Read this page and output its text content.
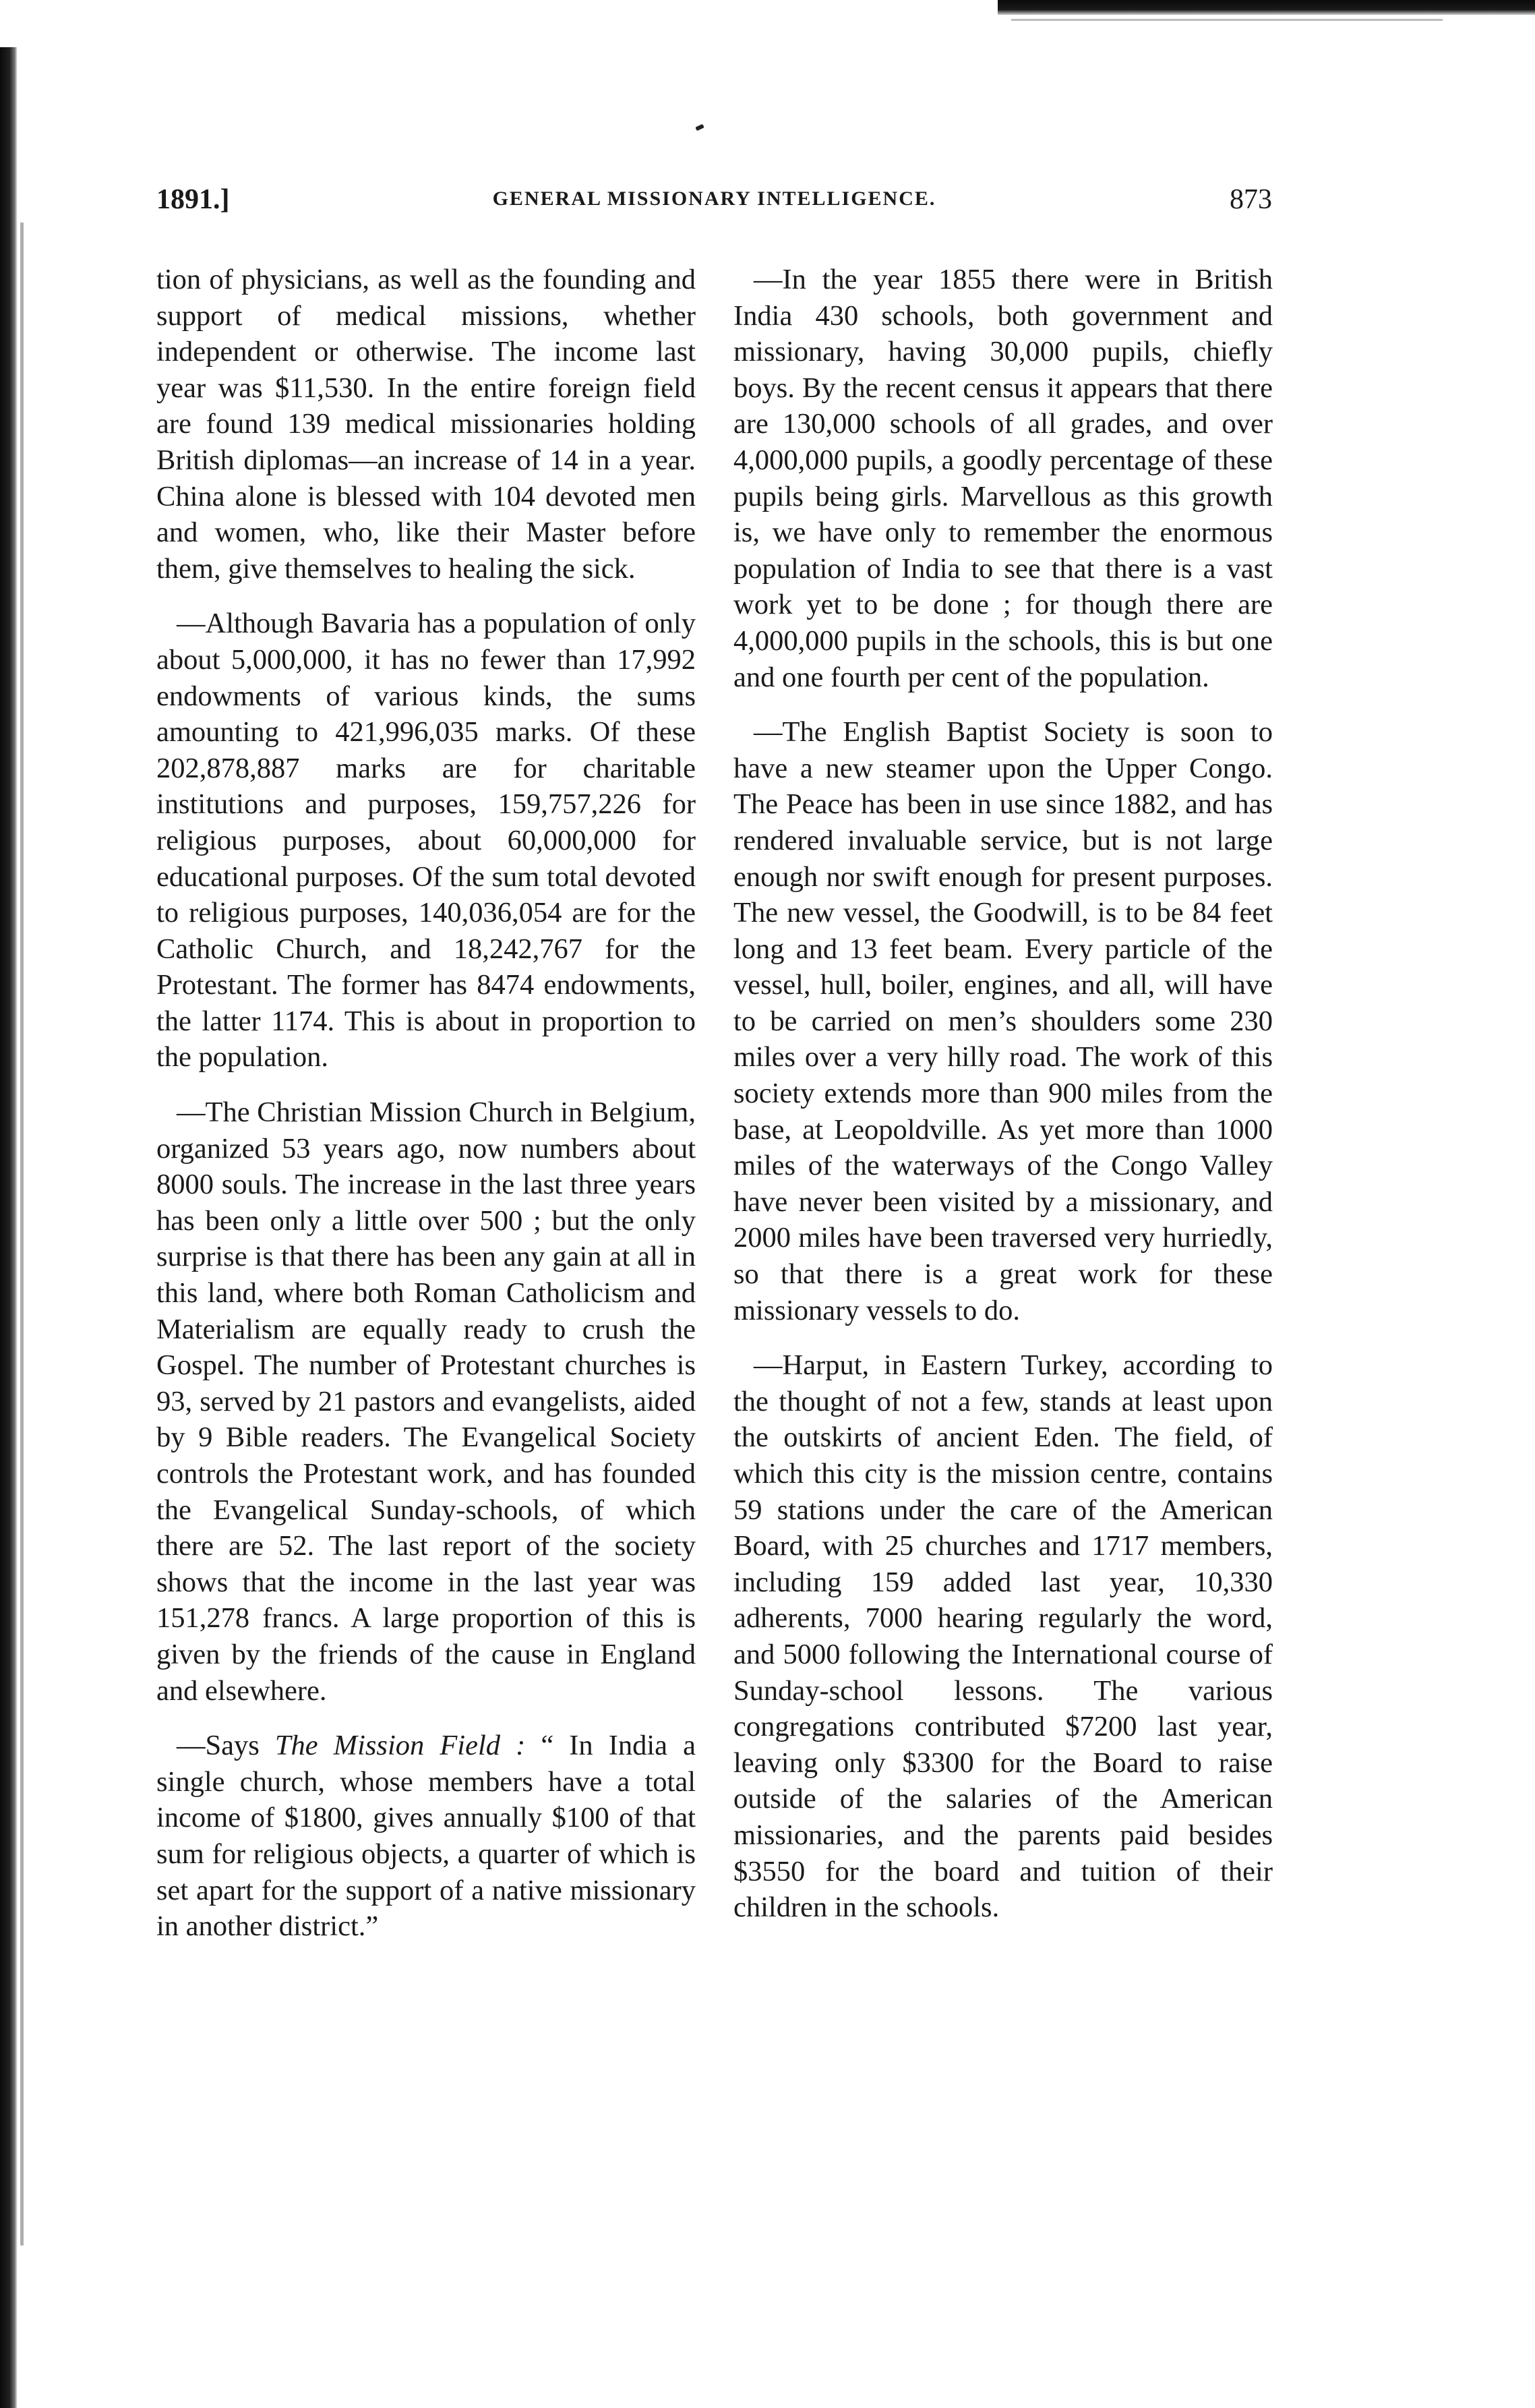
1891.]	GENERAL MISSIONARY INTELLIGENCE.	873

tion of physicians, as well as the founding and support of medical missions, whether independent or otherwise. The income last year was $11,530. In the entire foreign field are found 139 medical missionaries holding British diplomas—an increase of 14 in a year. China alone is blessed with 104 devoted men and women, who, like their Master before them, give themselves to healing the sick.

—Although Bavaria has a population of only about 5,000,000, it has no fewer than 17,992 endowments of various kinds, the sums amounting to 421,996,035 marks. Of these 202,878,887 marks are for charitable institutions and purposes, 159,757,226 for religious purposes, about 60,000,000 for educational purposes. Of the sum total devoted to religious purposes, 140,036,054 are for the Catholic Church, and 18,242,767 for the Protestant. The former has 8474 endowments, the latter 1174. This is about in proportion to the population.

—The Christian Mission Church in Belgium, organized 53 years ago, now numbers about 8000 souls. The increase in the last three years has been only a little over 500 ; but the only surprise is that there has been any gain at all in this land, where both Roman Catholicism and Materialism are equally ready to crush the Gospel. The number of Protestant churches is 93, served by 21 pastors and evangelists, aided by 9 Bible readers. The Evangelical Society controls the Protestant work, and has founded the Evangelical Sunday-schools, of which there are 52. The last report of the society shows that the income in the last year was 151,278 francs. A large proportion of this is given by the friends of the cause in England and elsewhere.

—Says The Mission Field : “ In India a single church, whose members have a total income of $1800, gives annually $100 of that sum for religious objects, a quarter of which is set apart for the support of a native missionary in another district.”

—In the year 1855 there were in British India 430 schools, both government and missionary, having 30,000 pupils, chiefly boys. By the recent census it appears that there are 130,000 schools of all grades, and over 4,000,000 pupils, a goodly percentage of these pupils being girls. Marvellous as this growth is, we have only to remember the enormous population of India to see that there is a vast work yet to be done ; for though there are 4,000,000 pupils in the schools, this is but one and one fourth per cent of the population.

—The English Baptist Society is soon to have a new steamer upon the Upper Congo. The Peace has been in use since 1882, and has rendered invaluable service, but is not large enough nor swift enough for present purposes. The new vessel, the Goodwill, is to be 84 feet long and 13 feet beam. Every particle of the vessel, hull, boiler, engines, and all, will have to be carried on men’s shoulders some 230 miles over a very hilly road. The work of this society extends more than 900 miles from the base, at Leopoldville. As yet more than 1000 miles of the waterways of the Congo Valley have never been visited by a missionary, and 2000 miles have been traversed very hurriedly, so that there is a great work for these missionary vessels to do.

—Harput, in Eastern Turkey, according to the thought of not a few, stands at least upon the outskirts of ancient Eden. The field, of which this city is the mission centre, contains 59 stations under the care of the American Board, with 25 churches and 1717 members, including 159 added last year, 10,330 adherents, 7000 hearing regularly the word, and 5000 following the International course of Sunday-school lessons. The various congregations contributed $7200 last year, leaving only $3300 for the Board to raise outside of the salaries of the American missionaries, and the parents paid besides $3550 for the board and tuition of their children in the schools.
